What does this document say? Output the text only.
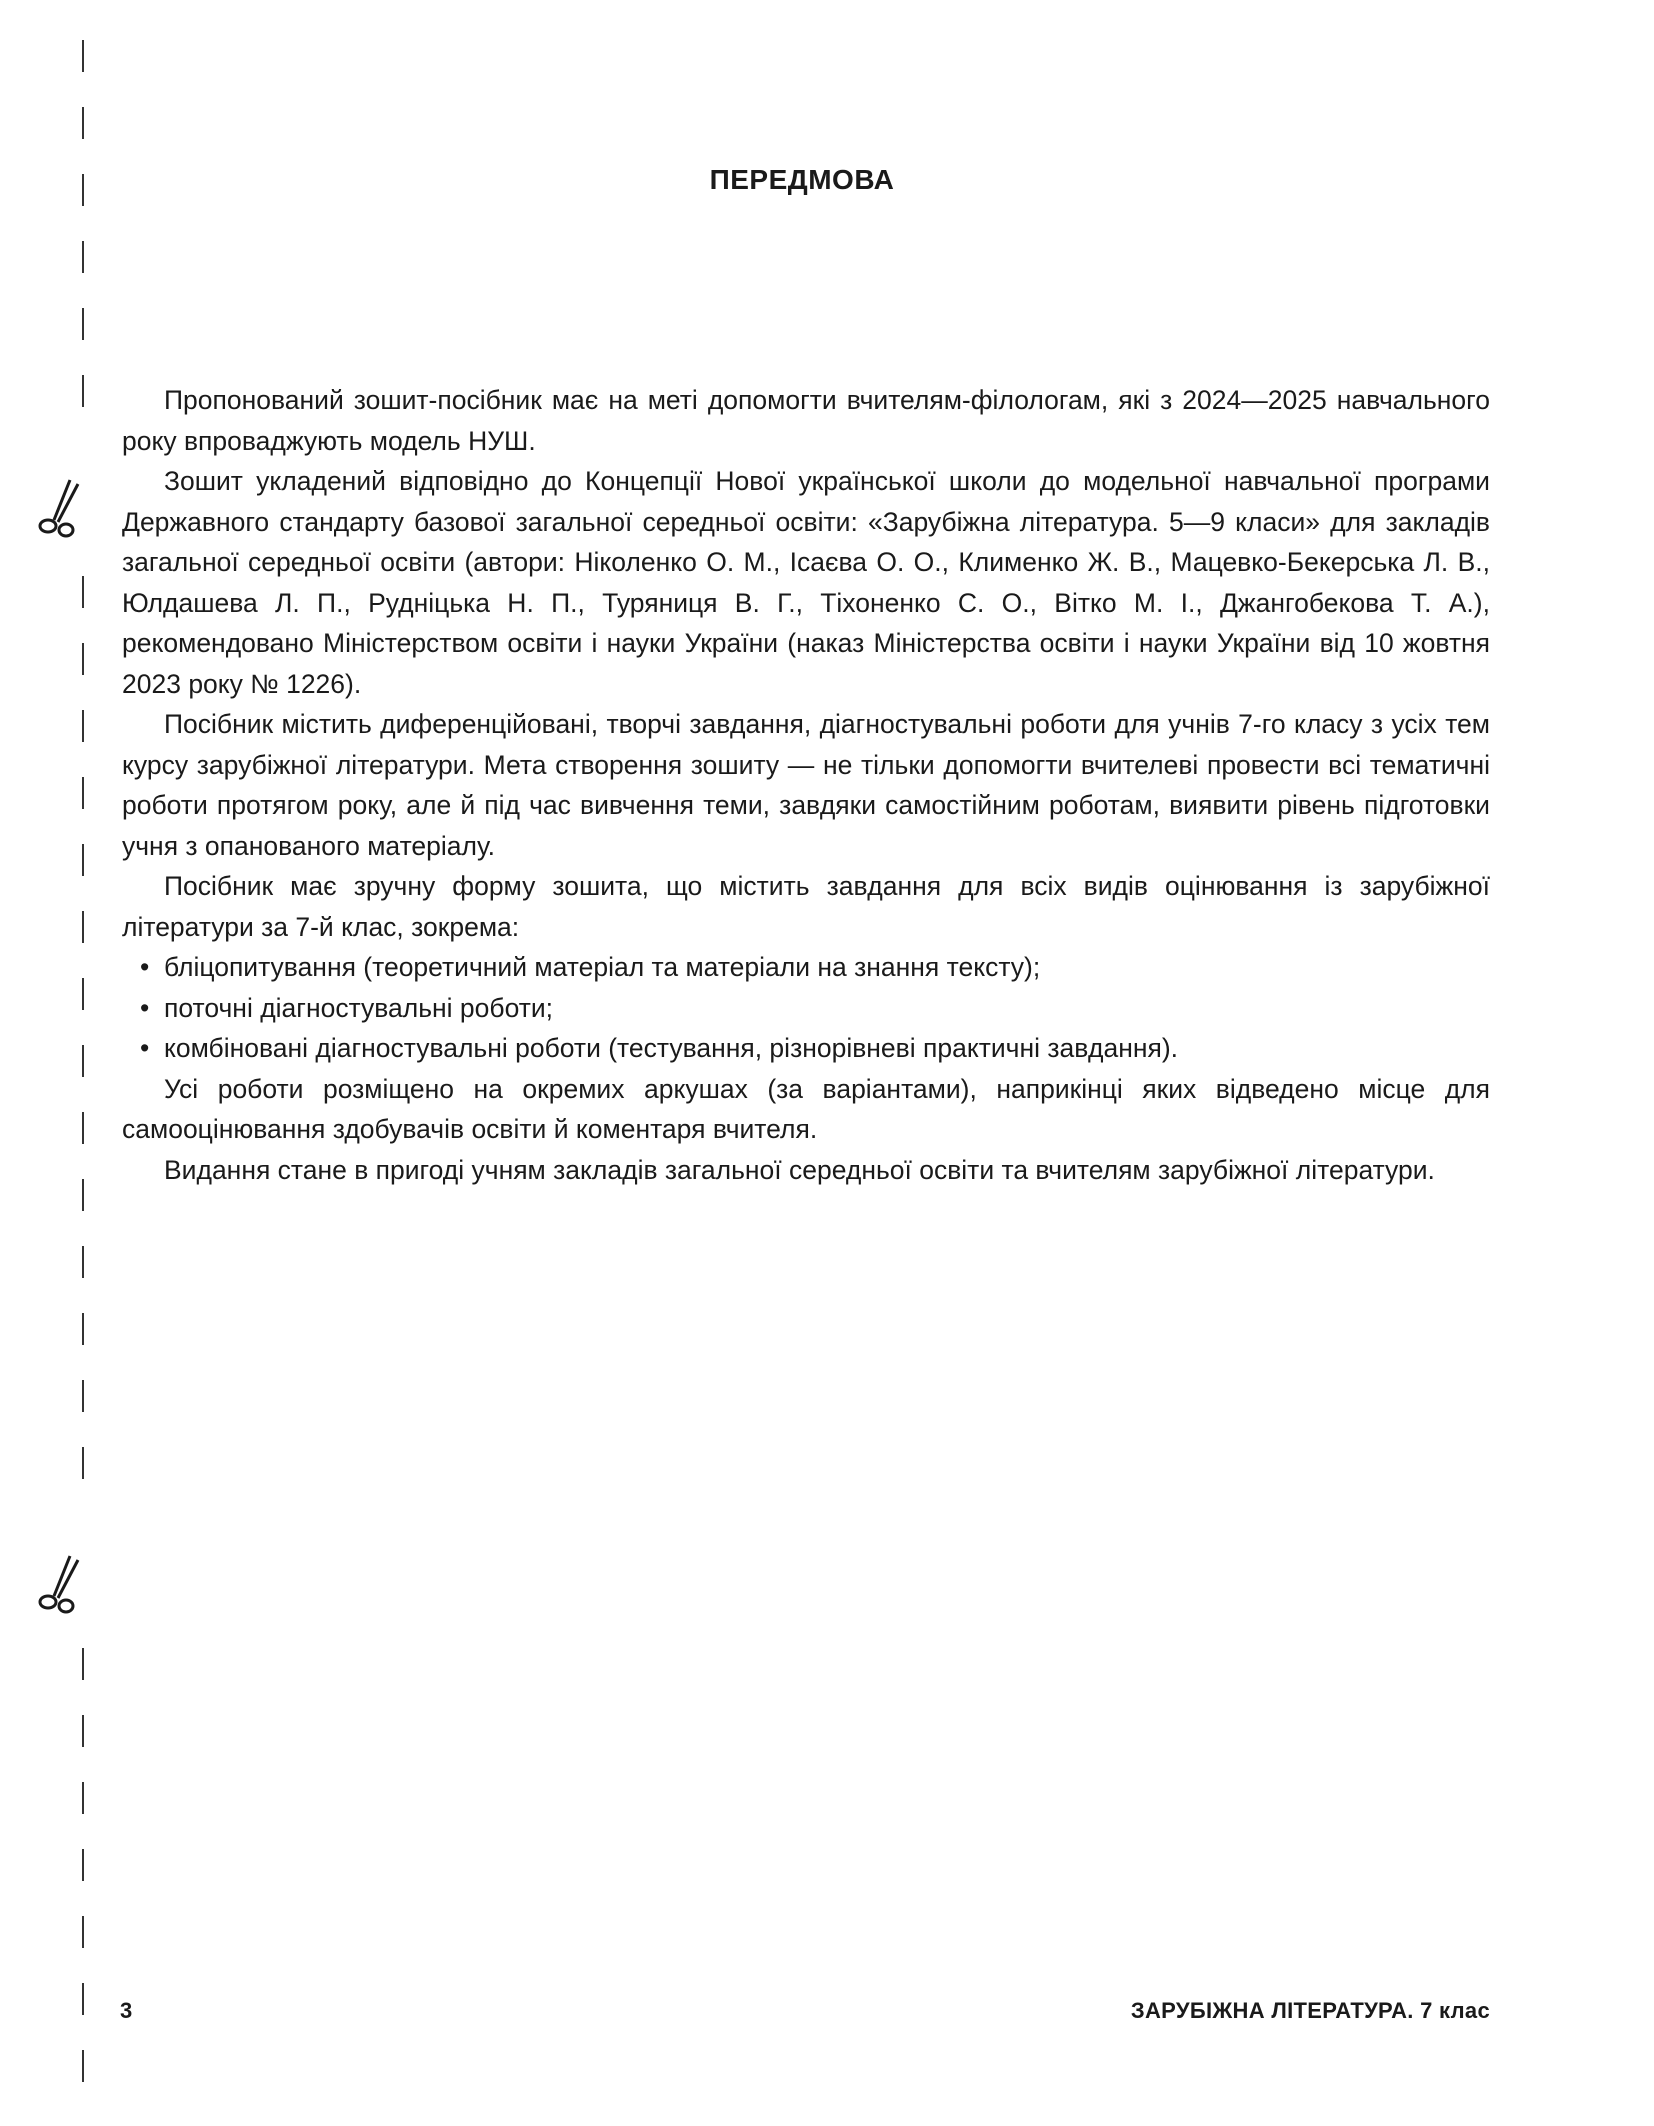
ПЕРЕДМОВА

Пропонований зошит-посібник має на меті допомогти вчителям-філологам, які з 2024—2025 навчального року впроваджують модель НУШ.

Зошит укладений відповідно до Концепції Нової української школи до модельної навчальної програми Державного стандарту базової загальної середньої освіти: «Зарубіжна література. 5—9 класи» для закладів загальної середньої освіти (автори: Ніколенко О. М., Ісаєва О. О., Клименко Ж. В., Мацевко-Бекерська Л. В., Юлдашева Л. П., Рудніцька Н. П., Туряниця В. Г., Тіхоненко С. О., Вітко М. І., Джангобекова Т. А.), рекомендовано Міністерством освіти і науки України (наказ Міністерства освіти і науки України від 10 жовтня 2023 року № 1226).

Посібник містить диференційовані, творчі завдання, діагностувальні роботи для учнів 7-го класу з усіх тем курсу зарубіжної літератури. Мета створення зошиту — не тільки допомогти вчителеві провести всі тематичні роботи протягом року, але й під час вивчення теми, завдяки самостійним роботам, виявити рівень підготовки учня з опанованого матеріалу.

Посібник має зручну форму зошита, що містить завдання для всіх видів оцінювання із зарубіжної літератури за 7-й клас, зокрема:

• бліцопитування (теоретичний матеріал та матеріали на знання тексту);
• поточні діагностувальні роботи;
• комбіновані діагностувальні роботи (тестування, різнорівневі практичні завдання).

Усі роботи розміщено на окремих аркушах (за варіантами), наприкінці яких відведено місце для самооцінювання здобувачів освіти й коментаря вчителя.

Видання стане в пригоді учням закладів загальної середньої освіти та вчителям зарубіжної літератури.

3	ЗАРУБІЖНА ЛІТЕРАТУРА. 7 клас
